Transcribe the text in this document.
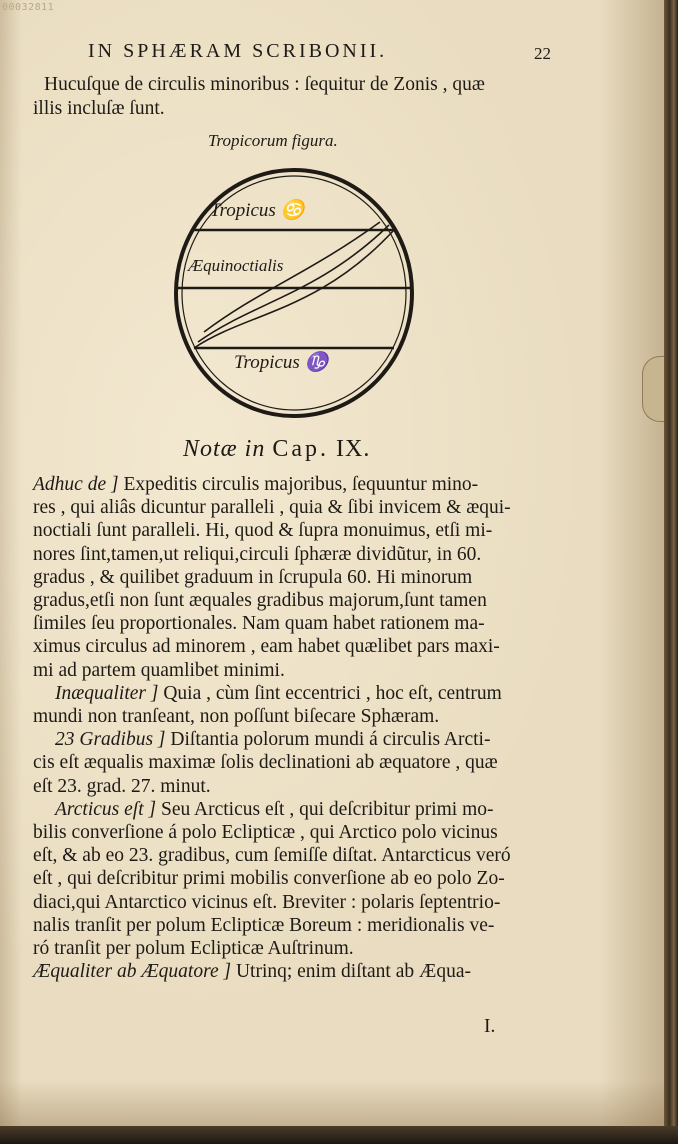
00032811
IN SPHÆRAM SCRIBONII.	22
Hucuſque de circulis minoribus : ſequitur de Zonis , quæ
illis incluſæ ſunt.
Tropicorum figura.
Tropicus ♋
Æquinoctialis
Tropicus ♑
Notæ in Cap. IX.
Adhuc de ] Expeditis circulis majoribus, ſequuntur mino-
res , qui aliâs dicuntur paralleli , quia & ſibi invicem & æqui-
noctiali ſunt paralleli. Hi, quod & ſupra monuimus, etſi mi-
nores ſint,tamen,ut reliqui,circuli ſphæræ dividũtur, in 60.
gradus , & quilibet graduum in ſcrupula 60. Hi minorum
gradus,etſi non ſunt æquales gradibus majorum,ſunt tamen
ſimiles ſeu proportionales. Nam quam habet rationem ma-
ximus circulus ad minorem , eam habet quælibet pars maxi-
mi ad partem quamlibet minimi.
Inæqualiter ] Quia , cùm ſint eccentrici , hoc eſt, centrum
mundi non tranſeant, non poſſunt biſecare Sphæram.
23 Gradibus ] Diſtantia polorum mundi á circulis Arcti-
cis eſt æqualis maximæ ſolis declinationi ab æquatore , quæ
eſt 23. grad. 27. minut.
Arcticus eſt ] Seu Arcticus eſt , qui deſcribitur primi mo-
bilis converſione á polo Eclipticæ , qui Arctico polo vicinus
eſt, & ab eo 23. gradibus, cum ſemiſſe diſtat. Antarcticus veró
eſt , qui deſcribitur primi mobilis converſione ab eo polo Zo-
diaci,qui Antarctico vicinus eſt. Breviter : polaris ſeptentrio-
nalis tranſit per polum Eclipticæ Boreum : meridionalis ve-
ró tranſit per polum Eclipticæ Auſtrinum.
Æqualiter ab Æquatore ] Utrinq; enim diſtant ab Æqua-
I.
